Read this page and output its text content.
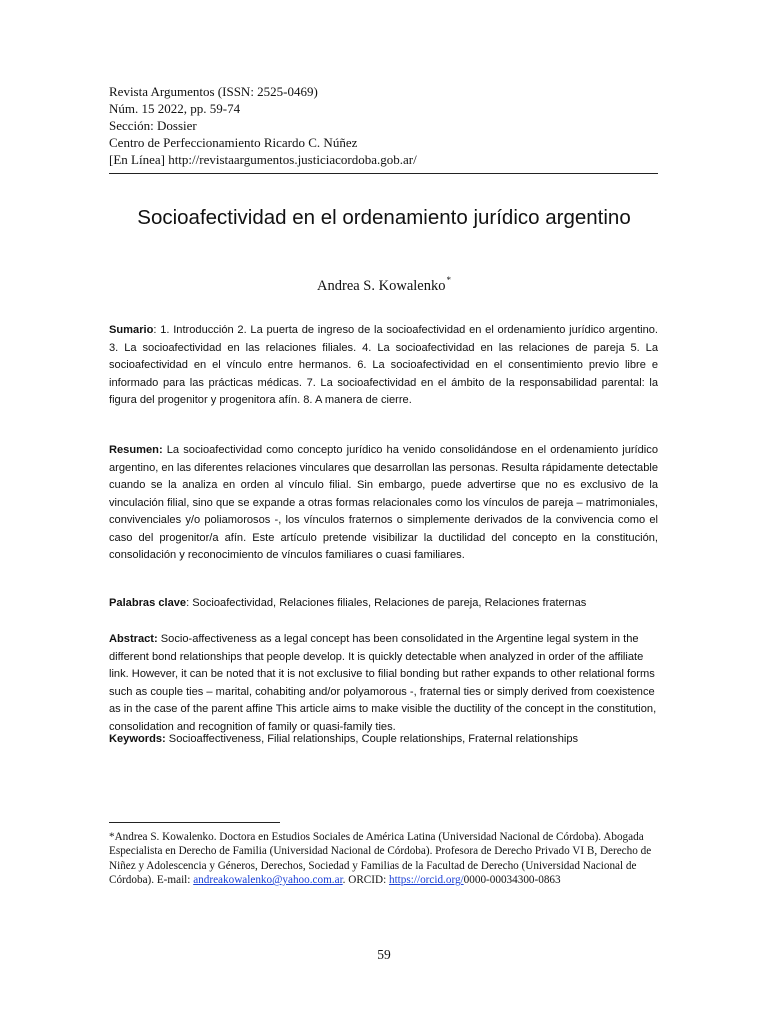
Revista Argumentos (ISSN: 2525-0469)
Núm. 15 2022, pp. 59-74
Sección: Dossier
Centro de Perfeccionamiento Ricardo C. Núñez
[En Línea] http://revistaargumentos.justiciacordoba.gob.ar/
Socioafectividad en el ordenamiento jurídico argentino
Andrea S. Kowalenko*
Sumario: 1. Introducción 2. La puerta de ingreso de la socioafectividad en el ordenamiento jurídico argentino. 3. La socioafectividad en las relaciones filiales. 4. La socioafectividad en las relaciones de pareja 5. La socioafectividad en el vínculo entre hermanos. 6. La socioafectividad en el consentimiento previo libre e informado para las prácticas médicas. 7. La socioafectividad en el ámbito de la responsabilidad parental: la figura del progenitor y progenitora afín. 8. A manera de cierre.
Resumen: La socioafectividad como concepto jurídico ha venido consolidándose en el ordenamiento jurídico argentino, en las diferentes relaciones vinculares que desarrollan las personas. Resulta rápidamente detectable cuando se la analiza en orden al vínculo filial. Sin embargo, puede advertirse que no es exclusivo de la vinculación filial, sino que se expande a otras formas relacionales como los vínculos de pareja – matrimoniales, convivenciales y/o poliamorosos -, los vínculos fraternos o simplemente derivados de la convivencia como el caso del progenitor/a afín. Este artículo pretende visibilizar la ductilidad del concepto en la constitución, consolidación y reconocimiento de vínculos familiares o cuasi familiares.
Palabras clave: Socioafectividad, Relaciones filiales, Relaciones de pareja, Relaciones fraternas
Abstract: Socio-affectiveness as a legal concept has been consolidated in the Argentine legal system in the different bond relationships that people develop. It is quickly detectable when analyzed in order of the affiliate link. However, it can be noted that it is not exclusive to filial bonding but rather expands to other relational forms such as couple ties – marital, cohabiting and/or polyamorous -, fraternal ties or simply derived from coexistence as in the case of the parent affine This article aims to make visible the ductility of the concept in the constitution, consolidation and recognition of family or quasi-family ties.
Keywords: Socioaffectiveness, Filial relationships, Couple relationships, Fraternal relationships
*Andrea S. Kowalenko. Doctora en Estudios Sociales de América Latina (Universidad Nacional de Córdoba). Abogada Especialista en Derecho de Familia (Universidad Nacional de Córdoba). Profesora de Derecho Privado VI B, Derecho de Niñez y Adolescencia y Géneros, Derechos, Sociedad y Familias de la Facultad de Derecho (Universidad Nacional de Córdoba). E-mail: andreakowalenko@yahoo.com.ar. ORCID: https://orcid.org/0000-00034300-0863
59
